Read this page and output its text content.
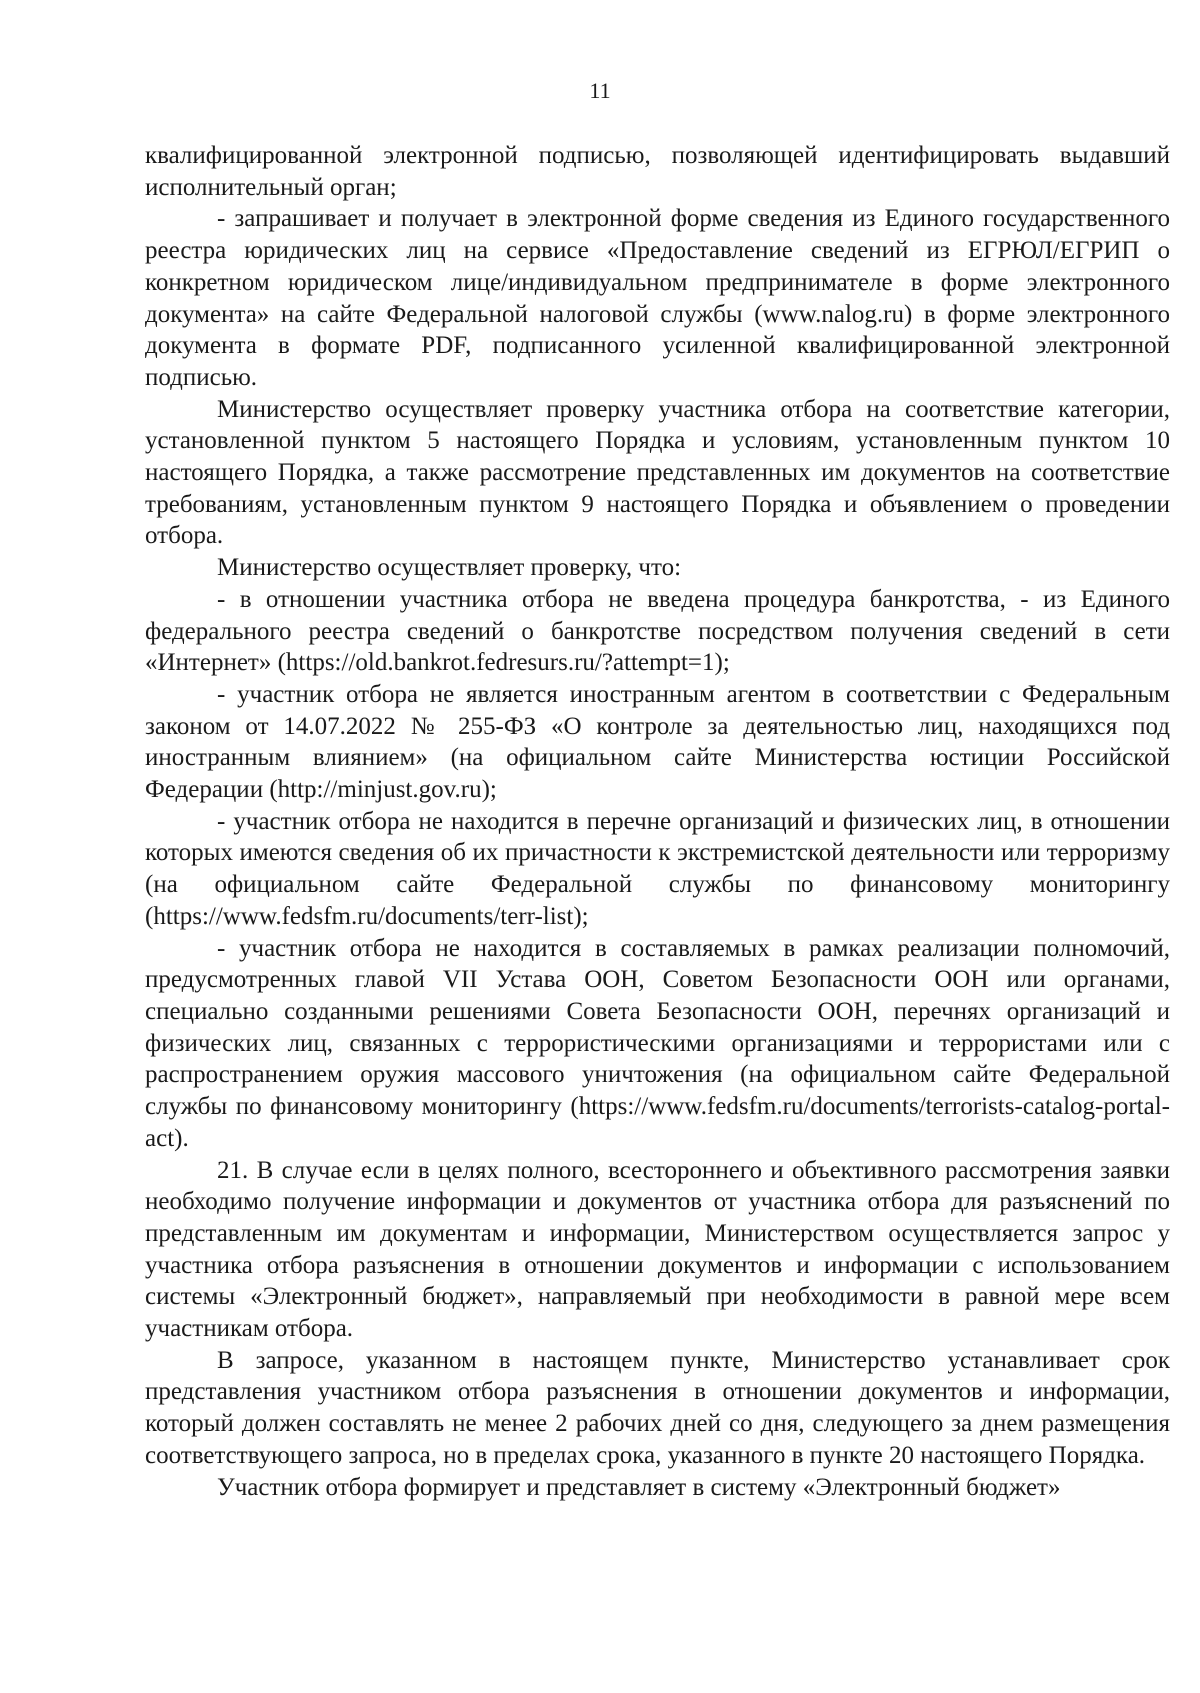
11

квалифицированной электронной подписью, позволяющей идентифицировать выдавший исполнительный орган;

- запрашивает и получает в электронной форме сведения из Единого государственного реестра юридических лиц на сервисе «Предоставление сведений из ЕГРЮЛ/ЕГРИП о конкретном юридическом лице/индивидуальном предпринимателе в форме электронного документа» на сайте Федеральной налоговой службы (www.nalog.ru) в форме электронного документа в формате PDF, подписанного усиленной квалифицированной электронной подписью.

Министерство осуществляет проверку участника отбора на соответствие категории, установленной пунктом 5 настоящего Порядка и условиям, установленным пунктом 10 настоящего Порядка, а также рассмотрение представленных им документов на соответствие требованиям, установленным пунктом 9 настоящего Порядка и объявлением о проведении отбора.

Министерство осуществляет проверку, что:

- в отношении участника отбора не введена процедура банкротства, - из Единого федерального реестра сведений о банкротстве посредством получения сведений в сети «Интернет» (https://old.bankrot.fedresurs.ru/?attempt=1);

- участник отбора не является иностранным агентом в соответствии с Федеральным законом от 14.07.2022 № 255-ФЗ «О контроле за деятельностью лиц, находящихся под иностранным влиянием» (на официальном сайте Министерства юстиции Российской Федерации (http://minjust.gov.ru);

- участник отбора не находится в перечне организаций и физических лиц, в отношении которых имеются сведения об их причастности к экстремистской деятельности или терроризму (на официальном сайте Федеральной службы по финансовому мониторингу (https://www.fedsfm.ru/documents/terr-list);

- участник отбора не находится в составляемых в рамках реализации полномочий, предусмотренных главой VII Устава ООН, Советом Безопасности ООН или органами, специально созданными решениями Совета Безопасности ООН, перечнях организаций и физических лиц, связанных с террористическими организациями и террористами или с распространением оружия массового уничтожения (на официальном сайте Федеральной службы по финансовому мониторингу (https://www.fedsfm.ru/documents/terrorists-catalog-portal-act).

21. В случае если в целях полного, всестороннего и объективного рассмотрения заявки необходимо получение информации и документов от участника отбора для разъяснений по представленным им документам и информации, Министерством осуществляется запрос у участника отбора разъяснения в отношении документов и информации с использованием системы «Электронный бюджет», направляемый при необходимости в равной мере всем участникам отбора.

В запросе, указанном в настоящем пункте, Министерство устанавливает срок представления участником отбора разъяснения в отношении документов и информации, который должен составлять не менее 2 рабочих дней со дня, следующего за днем размещения соответствующего запроса, но в пределах срока, указанного в пункте 20 настоящего Порядка.

Участник отбора формирует и представляет в систему «Электронный бюджет»
